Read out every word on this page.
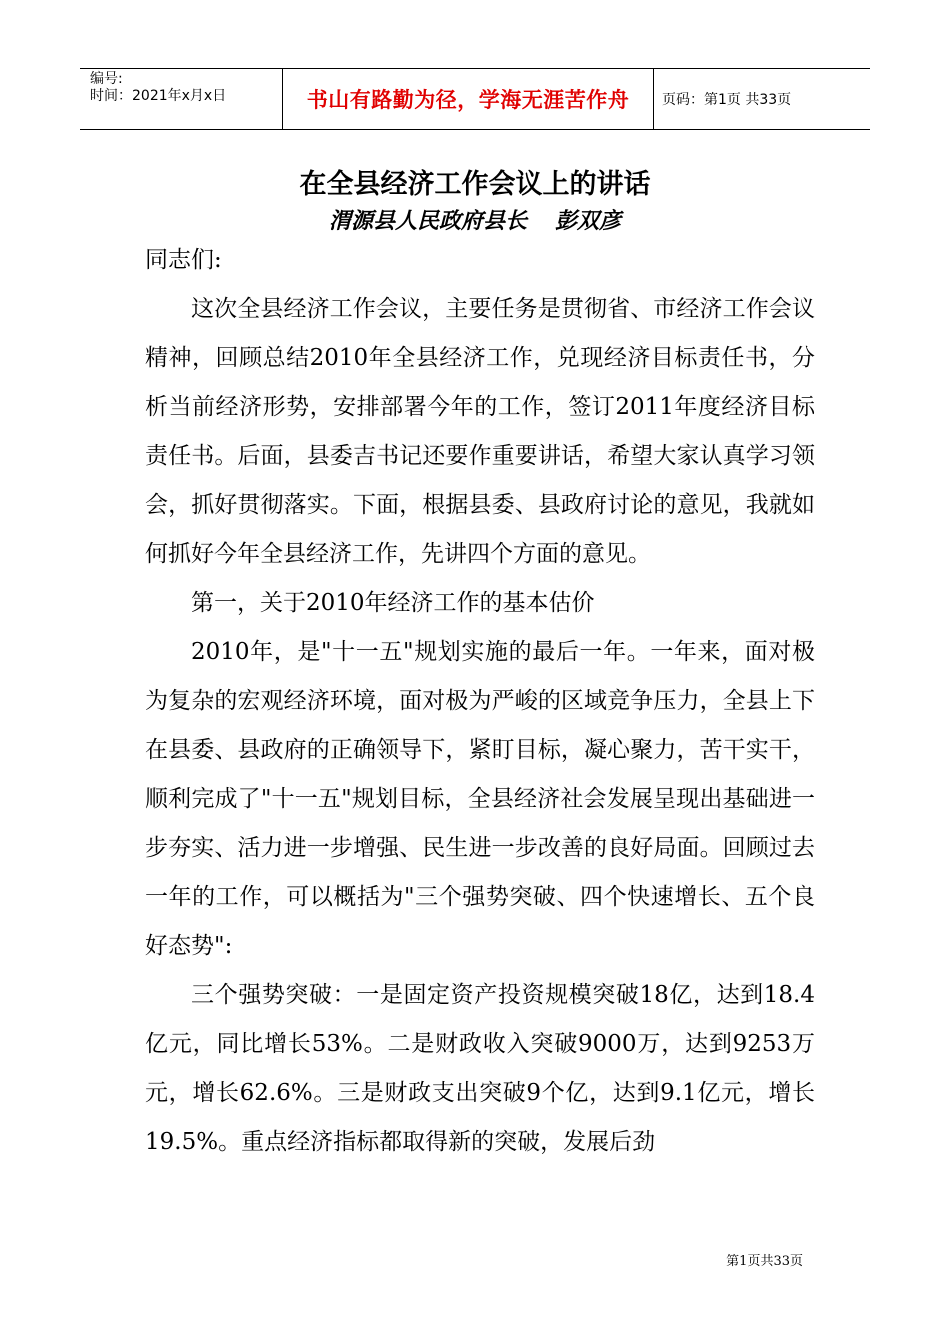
编号:
时间：2021年x月x日	书山有路勤为径，学海无涯苦作舟	页码：第1页 共33页
在全县经济工作会议上的讲话
渭源县人民政府县长 彭双彦

同志们:

这次全县经济工作会议，主要任务是贯彻省、市经济工作会议精神，回顾总结2010年全县经济工作，兑现经济目标责任书，分析当前经济形势，安排部署今年的工作，签订2011年度经济目标责任书。后面，县委吉书记还要作重要讲话，希望大家认真学习领会，抓好贯彻落实。下面，根据县委、县政府讨论的意见，我就如何抓好今年全县经济工作，先讲四个方面的意见。

第一，关于2010年经济工作的基本估价

2010年，是"十一五"规划实施的最后一年。一年来，面对极为复杂的宏观经济环境，面对极为严峻的区域竞争压力，全县上下在县委、县政府的正确领导下，紧盯目标，凝心聚力，苦干实干，顺利完成了"十一五"规划目标，全县经济社会发展呈现出基础进一步夯实、活力进一步增强、民生进一步改善的良好局面。回顾过去一年的工作，可以概括为"三个强势突破、四个快速增长、五个良好态势":

三个强势突破：一是固定资产投资规模突破18亿，达到18.4亿元，同比增长53%。二是财政收入突破9000万，达到9253万元，增长62.6%。三是财政支出突破9个亿，达到9.1亿元，增长19.5%。重点经济指标都取得新的突破，发展后劲

第1页共33页
